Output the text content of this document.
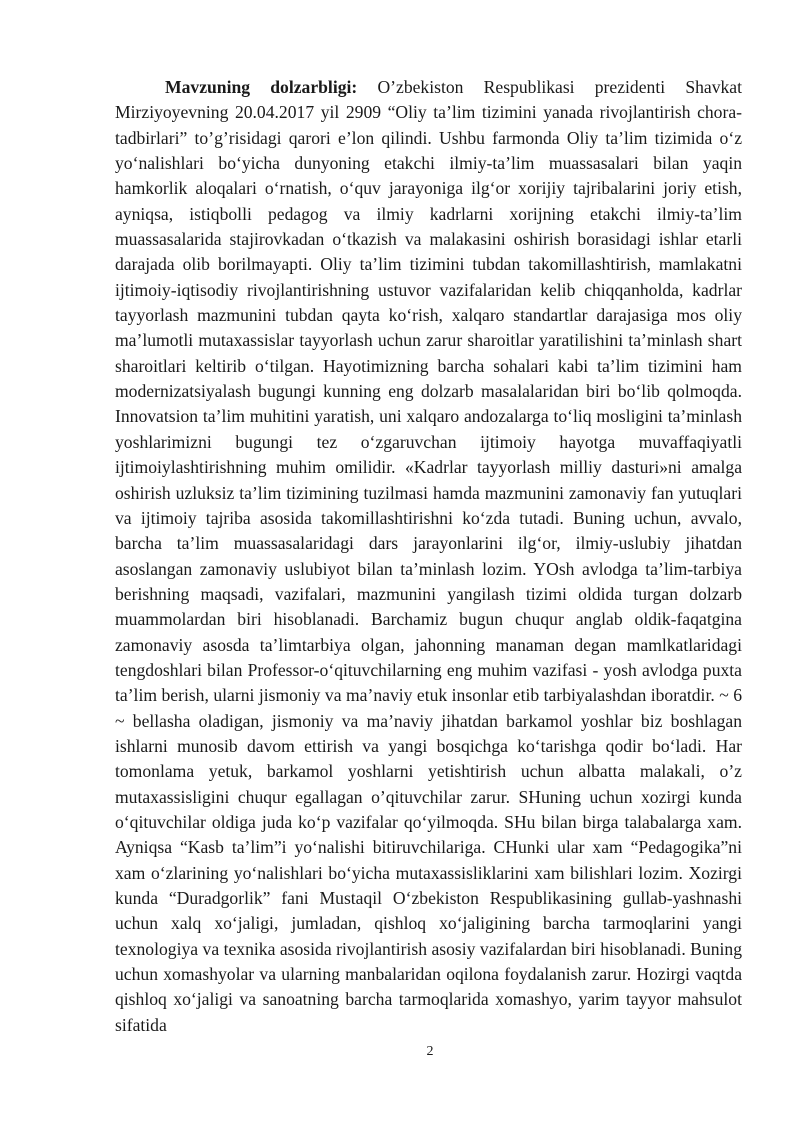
Mavzuning dolzarbligi: O’zbekiston Respublikasi prezidenti Shavkat Mirziyoyevning 20.04.2017 yil 2909 “Oliy ta’lim tizimini yanada rivojlantirish chora-tadbirlari” to’g’risidagi qarori e’lon qilindi. Ushbu farmonda Oliy ta’lim tizimida o‘z yo‘nalishlari bo‘yicha dunyoning etakchi ilmiy-ta’lim muassasalari bilan yaqin hamkorlik aloqalari o‘rnatish, o‘quv jarayoniga ilg‘or xorijiy tajribalarini joriy etish, ayniqsa, istiqbolli pedagog va ilmiy kadrlarni xorijning etakchi ilmiy-ta’lim muassasalarida stajirovkadan o‘tkazish va malakasini oshirish borasidagi ishlar etarli darajada olib borilmayapti. Oliy ta’lim tizimini tubdan takomillashtirish, mamlakatni ijtimoiy-iqtisodiy rivojlantirishning ustuvor vazifalaridan kelib chiqqanholda, kadrlar tayyorlash mazmunini tubdan qayta ko‘rish, xalqaro standartlar darajasiga mos oliy ma’lumotli mutaxassislar tayyorlash uchun zarur sharoitlar yaratilishini ta’minlash shart sharoitlari keltirib o‘tilgan. Hayotimizning barcha sohalari kabi ta’lim tizimini ham modernizatsiyalash bugungi kunning eng dolzarb masalalaridan biri bo‘lib qolmoqda. Innovatsion ta’lim muhitini yaratish, uni xalqaro andozalarga to‘liq mosligini ta’minlash yoshlarimizni bugungi tez o‘zgaruvchan ijtimoiy hayotga muvaffaqiyatli ijtimoiylashtirishning muhim omilidir. «Kadrlar tayyorlash milliy dasturi»ni amalga oshirish uzluksiz ta’lim tizimining tuzilmasi hamda mazmunini zamonaviy fan yutuqlari va ijtimoiy tajriba asosida takomillashtirishni ko‘zda tutadi. Buning uchun, avvalo, barcha ta’lim muassasalaridagi dars jarayonlarini ilg‘or, ilmiy-uslubiy jihatdan asoslangan zamonaviy uslubiyot bilan ta’minlash lozim. YOsh avlodga ta’lim-tarbiya berishning maqsadi, vazifalari, mazmunini yangilash tizimi oldida turgan dolzarb muammolardan biri hisoblanadi. Barchamiz bugun chuqur anglab oldik-faqatgina zamonaviy asosda ta’limtarbiya olgan, jahonning manaman degan mamlkatlaridagi tengdoshlari bilan Professor-o‘qituvchilarning eng muhim vazifasi - yosh avlodga puxta ta’lim berish, ularni jismoniy va ma’naviy etuk insonlar etib tarbiyalashdan iboratdir. ~ 6 ~ bellasha oladigan, jismoniy va ma’naviy jihatdan barkamol yoshlar biz boshlagan ishlarni munosib davom ettirish va yangi bosqichga ko‘tarishga qodir bo‘ladi. Har tomonlama yetuk, barkamol yoshlarni yetishtirish uchun albatta malakali, o’z mutaxassisligini chuqur egallagan o’qituvchilar zarur. SHuning uchun xozirgi kunda o‘qituvchilar oldiga juda ko‘p vazifalar qo‘yilmoqda. SHu bilan birga talabalarga xam. Ayniqsa “Kasb ta’lim”i yo‘nalishi bitiruvchilariga. CHunki ular xam “Pedagogika”ni xam o‘zlarining yo‘nalishlari bo‘yicha mutaxassisliklarini xam bilishlari lozim. Xozirgi kunda “Duradgorlik” fani Mustaqil O‘zbekiston Respublikasining gullab-yashnashi uchun xalq xo‘jaligi, jumladan, qishloq xo‘jaligining barcha tarmoqlarini yangi texnologiya va texnika asosida rivojlantirish asosiy vazifalardan biri hisoblanadi. Buning uchun xomashyolar va ularning manbalaridan oqilona foydalanish zarur. Hozirgi vaqtda qishloq xo‘jaligi va sanoatning barcha tarmoqlarida xomashyo, yarim tayyor mahsulot sifatida

2
